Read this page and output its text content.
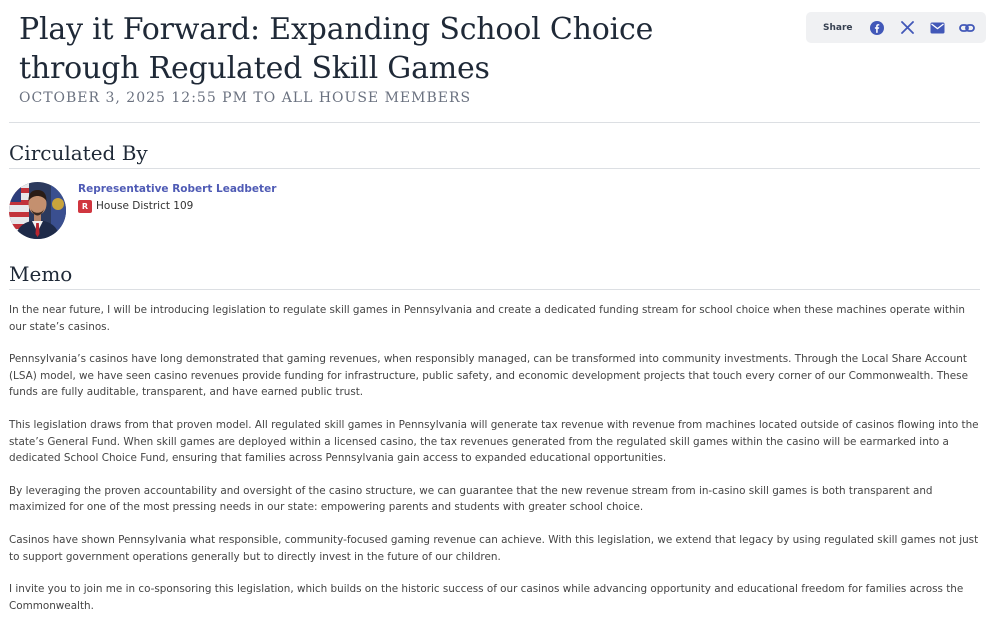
Play it Forward: Expanding School Choice through Regulated Skill Games
OCTOBER 3, 2025 12:55 PM TO ALL HOUSE MEMBERS
Share
Circulated By
Representative Robert Leadbeter
R House District 109
Memo

In the near future, I will be introducing legislation to regulate skill games in Pennsylvania and create a dedicated funding stream for school choice when these machines operate within our state’s casinos.

Pennsylvania’s casinos have long demonstrated that gaming revenues, when responsibly managed, can be transformed into community investments. Through the Local Share Account (LSA) model, we have seen casino revenues provide funding for infrastructure, public safety, and economic development projects that touch every corner of our Commonwealth. These funds are fully auditable, transparent, and have earned public trust.

This legislation draws from that proven model. All regulated skill games in Pennsylvania will generate tax revenue with revenue from machines located outside of casinos flowing into the state’s General Fund. When skill games are deployed within a licensed casino, the tax revenues generated from the regulated skill games within the casino will be earmarked into a dedicated School Choice Fund, ensuring that families across Pennsylvania gain access to expanded educational opportunities.

By leveraging the proven accountability and oversight of the casino structure, we can guarantee that the new revenue stream from in-casino skill games is both transparent and maximized for one of the most pressing needs in our state: empowering parents and students with greater school choice.

Casinos have shown Pennsylvania what responsible, community-focused gaming revenue can achieve. With this legislation, we extend that legacy by using regulated skill games not just to support government operations generally but to directly invest in the future of our children.

I invite you to join me in co-sponsoring this legislation, which builds on the historic success of our casinos while advancing opportunity and educational freedom for families across the Commonwealth.
